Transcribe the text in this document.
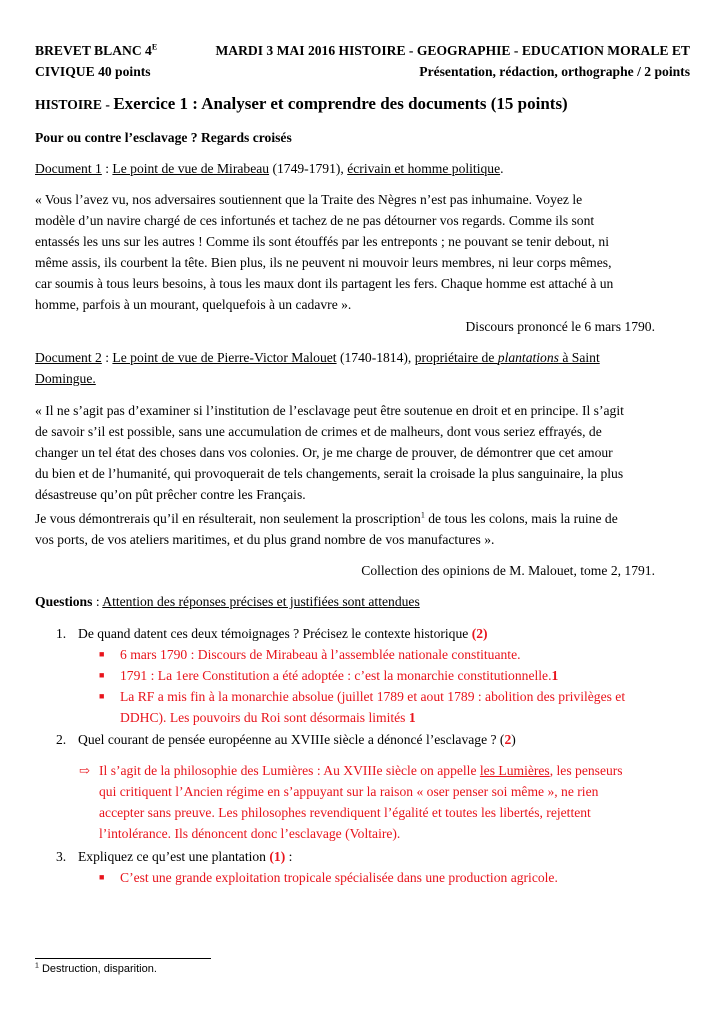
BREVET BLANC $4^E$	MARDI 3 MAI 2016 HISTOIRE - GEOGRAPHIE - EDUCATION MORALE ET
CIVIQUE 40 points	Présentation, rédaction, orthographe / 2 points
HISTOIRE - Exercice 1 : Analyser et comprendre des documents (15 points)
Pour ou contre l’esclavage ? Regards croisés
Document 1 : Le point de vue de Mirabeau (1749-1791), écrivain et homme politique.
« Vous l’avez vu, nos adversaires soutiennent que la Traite des Nègres n’est pas inhumaine. Voyez le
modèle d’un navire chargé de ces infortunés et tachez de ne pas détourner vos regards. Comme ils sont
entassés les uns sur les autres ! Comme ils sont étouffés par les entreponts ; ne pouvant se tenir debout, ni
même assis, ils courbent la tête. Bien plus, ils ne peuvent ni mouvoir leurs membres, ni leur corps mêmes,
car soumis à tous leurs besoins, à tous les maux dont ils partagent les fers. Chaque homme est attaché à un
homme, parfois à un mourant, quelquefois à un cadavre ».
Discours prononcé le 6 mars 1790.
Document 2 : Le point de vue de Pierre-Victor Malouet (1740-1814), propriétaire de plantations à Saint
Domingue.
« Il ne s’agit pas d’examiner si l’institution de l’esclavage peut être soutenue en droit et en principe. Il s’agit
de savoir s’il est possible, sans une accumulation de crimes et de malheurs, dont vous seriez effrayés, de
changer un tel état des choses dans vos colonies. Or, je me charge de prouver, de démontrer que cet amour
du bien et de l’humanité, qui provoquerait de tels changements, serait la croisade la plus sanguinaire, la plus
désastreuse qu’on pût prêcher contre les Français.
Je vous démontrerais qu’il en résulterait, non seulement la proscription$^1$ de tous les colons, mais la ruine de
vos ports, de vos ateliers maritimes, et du plus grand nombre de vos manufactures ».
Collection des opinions de M. Malouet, tome 2, 1791.
Questions : Attention des réponses précises et justifiées sont attendues
1. De quand datent ces deux témoignages ? Précisez le contexte historique (2)
■ 6 mars 1790 : Discours de Mirabeau à l’assemblée nationale constituante.
■ 1791 : La 1ere Constitution a été adoptée : c’est la monarchie constitutionnelle.1
■ La RF a mis fin à la monarchie absolue (juillet 1789 et aout 1789 : abolition des privilèges et
DDHC). Les pouvoirs du Roi sont désormais limités 1
2. Quel courant de pensée européenne au XVIIIe siècle a dénoncé l’esclavage ? (2)
⇨ Il s’agit de la philosophie des Lumières : Au XVIIIe siècle on appelle les Lumières, les penseurs
qui critiquent l’Ancien régime en s’appuyant sur la raison « oser penser soi même », ne rien
accepter sans preuve. Les philosophes revendiquent l’égalité et toutes les libertés, rejettent
l’intolérance. Ils dénoncent donc l’esclavage (Voltaire).
3. Expliquez ce qu’est une plantation (1) :
■ C’est une grande exploitation tropicale spécialisée dans une production agricole.
$^1$ Destruction, disparition.
